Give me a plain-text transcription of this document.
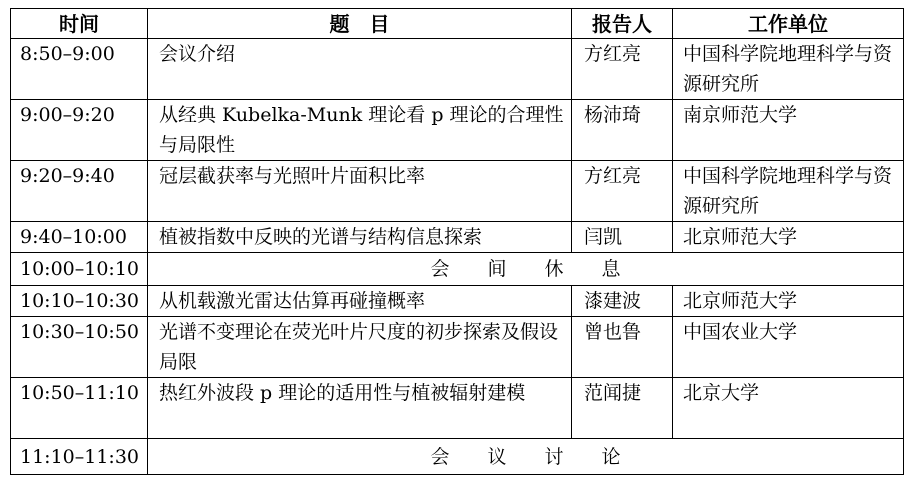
时间	题　目	报告人	工作单位
8:50–9:00	会议介绍	方红亮	中国科学院地理科学与资源研究所
9:00–9:20	从经典 Kubelka-Munk 理论看 p 理论的合理性与局限性	杨沛琦	南京师范大学
9:20–9:40	冠层截获率与光照叶片面积比率	方红亮	中国科学院地理科学与资源研究所
9:40–10:00	植被指数中反映的光谱与结构信息探索	闫凯	北京师范大学
10:00–10:10	会　　间　　休　　息		
10:10–10:30	从机载激光雷达估算再碰撞概率	漆建波	北京师范大学
10:30–10:50	光谱不变理论在荧光叶片尺度的初步探索及假设局限	曾也鲁	中国农业大学
10:50–11:10	热红外波段 p 理论的适用性与植被辐射建模	范闻捷	北京大学
11:10–11:30	会　　议　　讨　　论		
